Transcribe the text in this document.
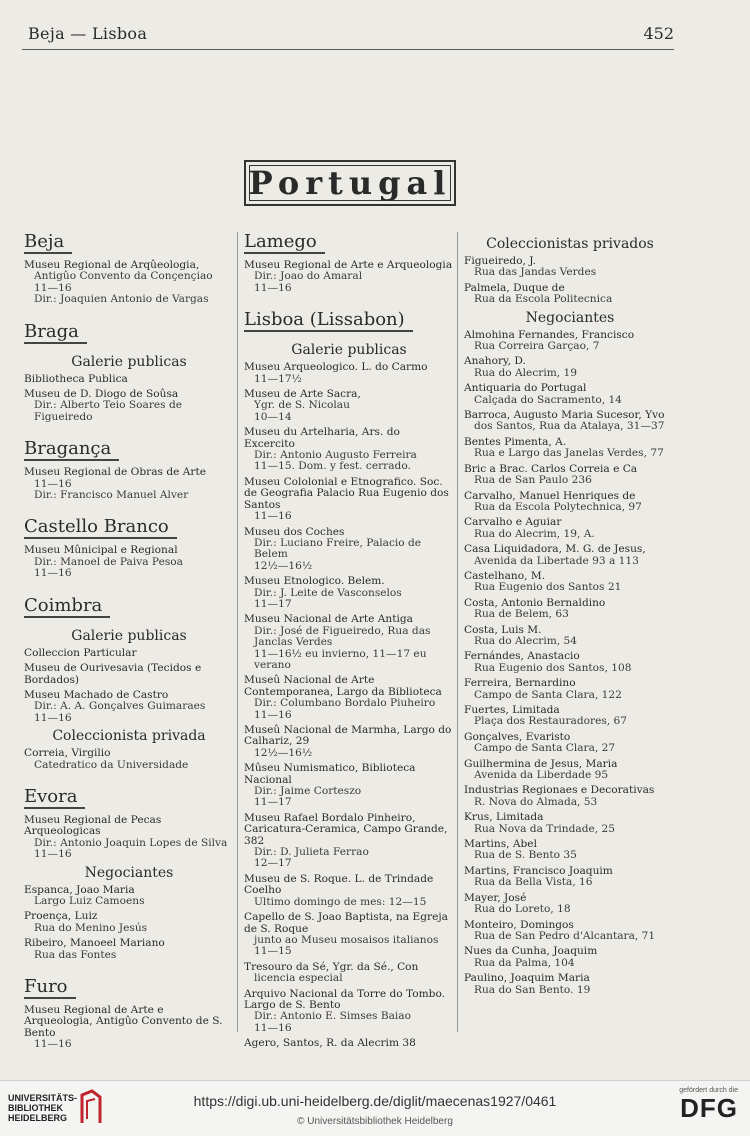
Beja — Lisboa	452
Portugal
Beja
Museu Regional de Arqûeologia,
Antigûo Convento da Conçençiao
11—16
Dir.: Joaquien Antonio de Vargas
Braga
Galerie publicas
Bibliotheca Publica
Museu de D. Diogo de Soûsa
Dir.: Alberto Teio Soares de
Figueiredo
Bragança
Museu Regional de Obras de Arte
11—16
Dir.: Francisco Manuel Alver
Castello Branco
Museu Mûnicipal e Regional
Dir.: Manoel de Paiva Pesoa
11—16
Coimbra
Galerie publicas
Colleccion Particular
Museu de Ourivesavia (Tecidos e Bordados)
Museu Machado de Castro
Dir.: A. A. Gonçalves Guimaraes
11—16
Coleccionista privada
Correia, Virgilio
Catedratico da Universidade
Evora
Museu Regional de Pecas Arqueologicas
Dir.: Antonio Joaquin Lopes de Silva
11—16
Negociantes
Espanca, Joao Maria
Largo Luiz Camoens
Proença, Luiz
Rua do Menino Jesús
Ribeiro, Manoeel Mariano
Rua das Fontes
Furo
Museu Regional de Arte e Arqueologia, Antigûo Convento de S. Bento
11—16
Lamego
Museu Regional de Arte e Arqueologia
Dir.: Joao do Amaral
11—16
Lisboa (Lissabon)
Galerie publicas
Museu Arqueologico. L. do Carmo
11—17½
Museu de Arte Sacra,
Ygr. de S. Nicolau
10—14
Museu du Artelharia, Ars. do Excercito
Dir.: Antonio Augusto Ferreira
11—15. Dom. y fest. cerrado.
Museu Cololonial e Etnografico. Soc. de Geografia Palacio Rua Eugenio dos Santos
11—16
Museu dos Coches
Dir.: Luciano Freire, Palacio de Belem
12½—16½
Museu Etnologico. Belem.
Dir.: J. Leite de Vasconselos
11—17
Museu Nacional de Arte Antiga
Dir.: José de Figueiredo, Rua das Janclas Verdes
11—16½ eu invierno, 11—17 eu verano
Museû Nacional de Arte Contemporanea, Largo da Biblioteca
Dir.: Columbano Bordalo Piuheiro
11—16
Museû Nacional de Marmha, Largo do Calhariz, 29
12½—16½
Mûseu Numismatico, Biblioteca Nacional
Dir.: Jaime Corteszo
11—17
Museu Rafael Bordalo Pinheiro, Caricatura-Ceramica, Campo Grande, 382
Dir.: D. Julieta Ferrao
12—17
Museu de S. Roque. L. de Trindade Coelho
Ultimo domingo de mes: 12—15
Capello de S. Joao Baptista, na Egreja de S. Roque
junto ao Museu mosaisos italianos
11—15
Tresouro da Sé, Ygr. da Sé., Con
licencia especial
Arquivo Nacional da Torre do Tombo. Largo de S. Bento
Dir.: Antonio E. Simses Baiao
11—16
Agero, Santos, R. da Alecrim 38
Coleccionistas privados
Figueiredo, J.
Rua das Jandas Verdes
Palmela, Duque de
Rua da Escola Politecnica
Negociantes
Almohina Fernandes, Francisco
Rua Correira Garçao, 7
Anahory, D.
Rua do Alecrim, 19
Antiquaria do Portugal
Calçada do Sacramento, 14
Barroca, Augusto Maria Sucesor, Yvo
dos Santos, Rua da Atalaya, 31—37
Bentes Pimenta, A.
Rua e Largo das Janelas Verdes, 77
Bric a Brac. Carlos Correia e Ca
Rua de San Paulo 236
Carvalho, Manuel Henriques de
Rua da Escola Polytechnica, 97
Carvalho e Aguiar
Rua do Alecrim, 19, A.
Casa Liquidadora, M. G. de Jesus,
Avenida da Libertade 93 a 113
Castelhano, M.
Rua Eugenio dos Santos 21
Costa, Antonio Bernaldino
Rua de Belem, 63
Costa, Luis M.
Rua do Alecrim, 54
Fernándes, Anastacio
Rua Eugenio dos Santos, 108
Ferreira, Bernardino
Campo de Santa Clara, 122
Fuertes, Limitada
Plaça dos Restauradores, 67
Gonçalves, Evaristo
Campo de Santa Clara, 27
Guilhermina de Jesus, Maria
Avenida da Liberdade 95
Industrias Regionaes e Decorativas
R. Nova do Almada, 53
Krus, Limitada
Rua Nova da Trindade, 25
Martins, Abel
Rua de S. Bento 35
Martins, Francisco Joaquim
Rua da Bella Vista, 16
Mayer, José
Rua do Loreto, 18
Monteiro, Domingos
Rua de San Pedro d'Alcantara, 71
Nues da Cunha, Joaquim
Rua da Palma, 104
Paulino, Joaquim Maria
Rua do San Bento. 19
UNIVERSITÄTS-
BIBLIOTHEK
HEIDELBERG
https://digi.ub.uni-heidelberg.de/diglit/maecenas1927/0461
© Universitätsbibliothek Heidelberg
gefördert durch die
DFG
